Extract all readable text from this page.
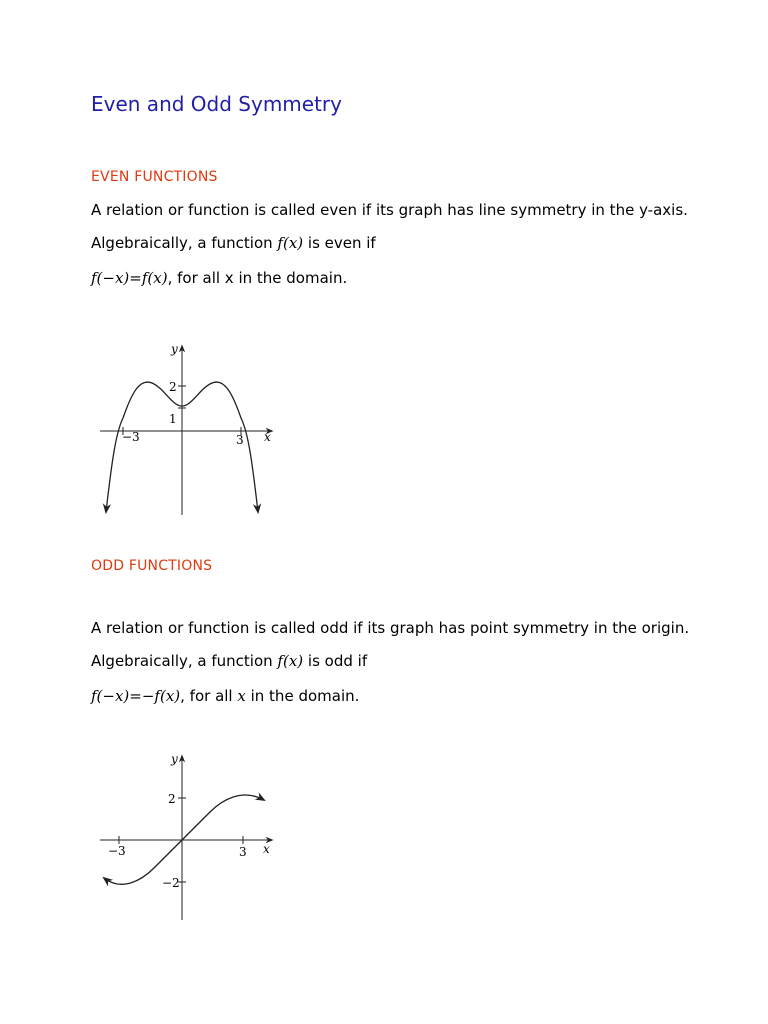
Even and Odd Symmetry
EVEN FUNCTIONS

A relation or function is called even if its graph has line symmetry in the y-axis.

Algebraically, a function f(x) is even if

f(−x)=f(x), for all x in the domain.

y
x
2
1
−3	3
ODD FUNCTIONS

A relation or function is called odd if its graph has point symmetry in the origin.

Algebraically, a function f(x) is odd if

f(−x)=−f(x), for all x in the domain.

y
x
2
−2
−3	3
